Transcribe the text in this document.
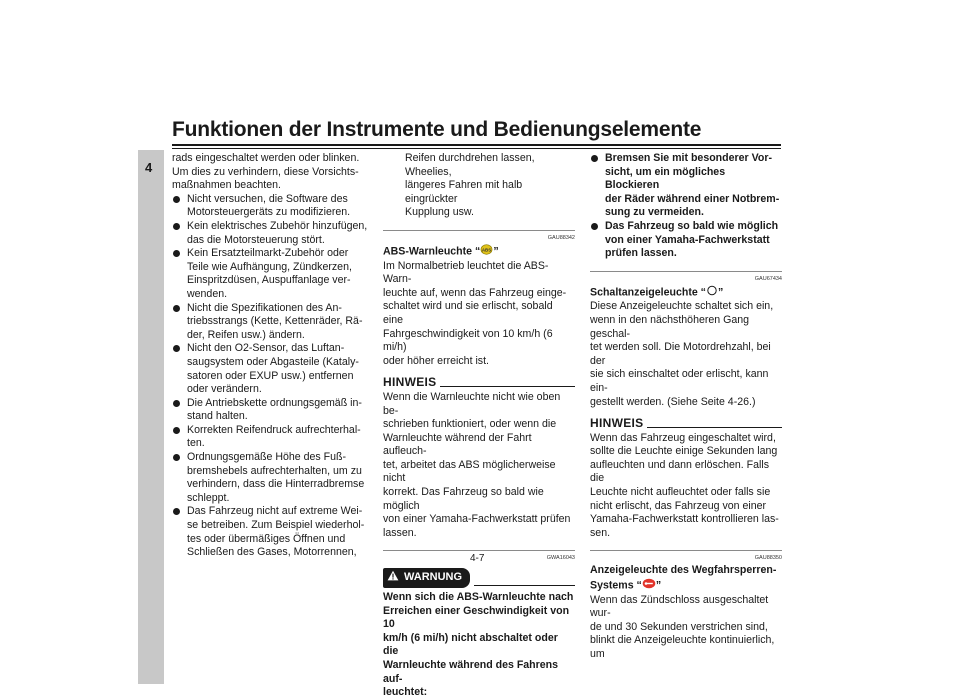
Funktionen der Instrumente und Bedienungselemente
4
rads eingeschaltet werden oder blinken.
Um dies zu verhindern, diese Vorsichts-
maßnahmen beachten.
Nicht versuchen, die Software des
Motorsteuergeräts zu modifizieren.
Kein elektrisches Zubehör hinzufügen,
das die Motorsteuerung stört.
Kein Ersatzteilmarkt-Zubehör oder
Teile wie Aufhängung, Zündkerzen,
Einspritzdüsen, Auspuffanlage ver-
wenden.
Nicht die Spezifikationen des An-
triebsstrangs (Kette, Kettenräder, Rä-
der, Reifen usw.) ändern.
Nicht den O2-Sensor, das Luftan-
saugsystem oder Abgasteile (Kataly-
satoren oder EXUP usw.) entfernen
oder verändern.
Die Antriebskette ordnungsgemäß in-
stand halten.
Korrekten Reifendruck aufrechterhal-
ten.
Ordnungsgemäße Höhe des Fuß-
bremshebels aufrechterhalten, um zu
verhindern, dass die Hinterradbremse
schleppt.
Das Fahrzeug nicht auf extreme Wei-
se betreiben. Zum Beispiel wiederhol-
tes oder übermäßiges Öffnen und
Schließen des Gases, Motorrennen,
Reifen durchdrehen lassen, Wheelies,
längeres Fahren mit halb eingrückter
Kupplung usw.
GAU88342
ABS-Warnleuchte “ ABS ”
Im Normalbetrieb leuchtet die ABS-Warn-
leuchte auf, wenn das Fahrzeug einge-
schaltet wird und sie erlischt, sobald eine
Fahrgeschwindigkeit von 10 km/h (6 mi/h)
oder höher erreicht ist.
HINWEIS
Wenn die Warnleuchte nicht wie oben be-
schrieben funktioniert, oder wenn die
Warnleuchte während der Fahrt aufleuch-
tet, arbeitet das ABS möglicherweise nicht
korrekt. Das Fahrzeug so bald wie möglich
von einer Yamaha-Fachwerkstatt prüfen
lassen.
GWA16043
WARNUNG
Wenn sich die ABS-Warnleuchte nach
Erreichen einer Geschwindigkeit von 10
km/h (6 mi/h) nicht abschaltet oder die
Warnleuchte während des Fahrens auf-
leuchtet:
Bremsen Sie mit besonderer Vor-
sicht, um ein mögliches Blockieren
der Räder während einer Notbrem-
sung zu vermeiden.
Das Fahrzeug so bald wie möglich
von einer Yamaha-Fachwerkstatt
prüfen lassen.
GAU67434
Schaltanzeigeleuchte “ ”
Diese Anzeigeleuchte schaltet sich ein,
wenn in den nächsthöheren Gang geschal-
tet werden soll. Die Motordrehzahl, bei der
sie sich einschaltet oder erlischt, kann ein-
gestellt werden. (Siehe Seite 4-26.)
HINWEIS
Wenn das Fahrzeug eingeschaltet wird,
sollte die Leuchte einige Sekunden lang
aufleuchten und dann erlöschen. Falls die
Leuchte nicht aufleuchtet oder falls sie
nicht erlischt, das Fahrzeug von einer
Yamaha-Fachwerkstatt kontrollieren las-
sen.
GAU88350
Anzeigeleuchte des Wegfahrsperren-
Systems “ ”
Wenn das Zündschloss ausgeschaltet wur-
de und 30 Sekunden verstrichen sind,
blinkt die Anzeigeleuchte kontinuierlich, um
4-7
